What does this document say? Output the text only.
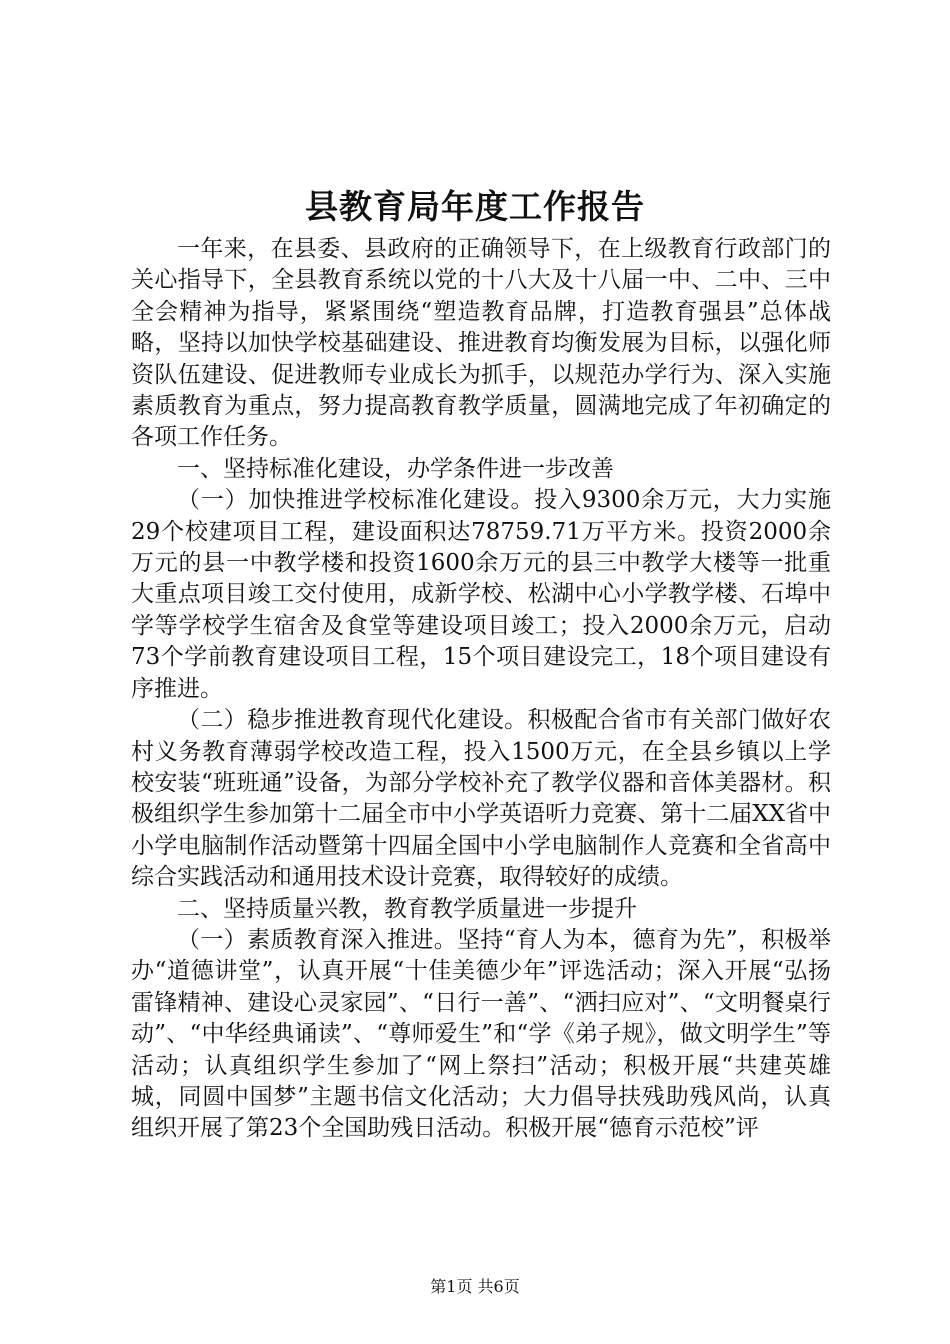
县教育局年度工作报告

一年来，在县委、县政府的正确领导下，在上级教育行政部门的关心指导下，全县教育系统以党的十八大及十八届一中、二中、三中全会精神为指导，紧紧围绕“塑造教育品牌，打造教育强县”总体战略，坚持以加快学校基础建设、推进教育均衡发展为目标，以强化师资队伍建设、促进教师专业成长为抓手，以规范办学行为、深入实施素质教育为重点，努力提高教育教学质量，圆满地完成了年初确定的各项工作任务。

一、坚持标准化建设，办学条件进一步改善

（一）加快推进学校标准化建设。投入9300余万元，大力实施29个校建项目工程，建设面积达78759.71万平方米。投资2000余万元的县一中教学楼和投资1600余万元的县三中教学大楼等一批重大重点项目竣工交付使用，成新学校、松湖中心小学教学楼、石埠中学等学校学生宿舍及食堂等建设项目竣工；投入2000余万元，启动73个学前教育建设项目工程，15个项目建设完工，18个项目建设有序推进。

（二）稳步推进教育现代化建设。积极配合省市有关部门做好农村义务教育薄弱学校改造工程，投入1500万元，在全县乡镇以上学校安装“班班通”设备，为部分学校补充了教学仪器和音体美器材。积极组织学生参加第十二届全市中小学英语听力竞赛、第十二届XX省中小学电脑制作活动暨第十四届全国中小学电脑制作人竞赛和全省高中综合实践活动和通用技术设计竞赛，取得较好的成绩。

二、坚持质量兴教，教育教学质量进一步提升

（一）素质教育深入推进。坚持“育人为本，德育为先”，积极举办“道德讲堂”，认真开展“十佳美德少年”评选活动；深入开展“弘扬雷锋精神、建设心灵家园”、“日行一善”、“洒扫应对”、“文明餐桌行动”、“中华经典诵读”、“尊师爱生”和“学《弟子规》，做文明学生”等活动；认真组织学生参加了“网上祭扫”活动；积极开展“共建英雄城，同圆中国梦”主题书信文化活动；大力倡导扶残助残风尚，认真组织开展了第23个全国助残日活动。积极开展“德育示范校”评

第1页 共6页
